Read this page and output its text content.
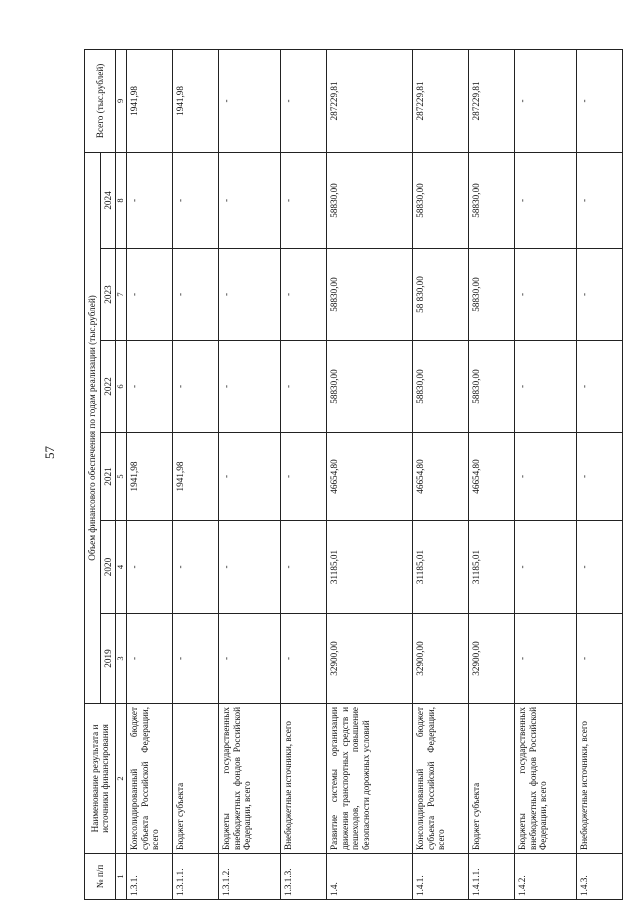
57
№ п/п	Наименование результата и источники финансирования	Объем финансового обеспечения по годам реализации (тыс.рублей)						Всего (тыс.рублей)
		2019	2020	2021	2022	2023	2024	
1	2	3	4	5	6	7	8	9
1.3.1.	Консолидированный бюджет субъекта Российской Федерации, всего	-	-	1941,98	-	-	-	1941,98
1.3.1.1.	Бюджет субъекта	-	-	1941,98	-	-	-	1941,98
1.3.1.2.	Бюджеты государственных внебюджетных фондов Российской Федерации, всего	-	-	-	-	-	-	-
1.3.1.3.	Внебюджетные источники, всего	-	-	-	-	-	-	-
1.4.	Развитие системы организации движения транспортных средств и пешеходов, повышение безопасности дорожных условий	32900,00	31185,01	46654,80	58830,00	58830,00	58830,00	287229,81
1.4.1.	Консолидированный бюджет субъекта Российской Федерации, всего	32900,00	31185,01	46654,80	58830,00	58 830,00	58830,00	287229,81
1.4.1.1.	Бюджет субъекта	32900,00	31185,01	46654,80	58830,00	58830,00	58830,00	287229,81
1.4.2.	Бюджеты государственных внебюджетных фондов Российской Федерации, всего	-	-	-	-	-	-	-
1.4.3.	Внебюджетные источники, всего	-	-	-	-	-	-	-
